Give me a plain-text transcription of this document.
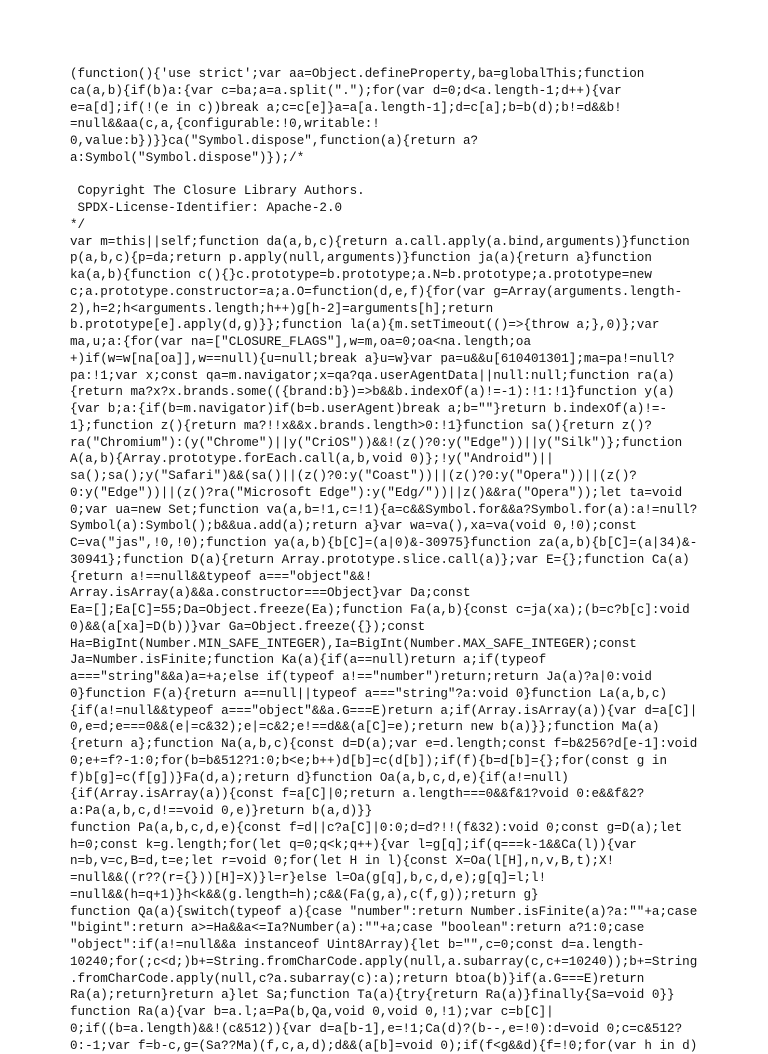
(function(){'use strict';var aa=Object.defineProperty,ba=globalThis;function
ca(a,b){if(b)a:{var c=ba;a=a.split(".");for(var d=0;d<a.length-1;d++){var
e=a[d];if(!(e in c))break a;c=c[e]}a=a[a.length-1];d=c[a];b=b(d);b!=d&&b!
=null&&aa(c,a,{configurable:!0,writable:!
0,value:b})}}ca("Symbol.dispose",function(a){return a?
a:Symbol("Symbol.dispose")});/*

Copyright The Closure Library Authors.
SPDX-License-Identifier: Apache-2.0
*/
var m=this||self;function da(a,b,c){return a.call.apply(a.bind,arguments)}function
p(a,b,c){p=da;return p.apply(null,arguments)}function ja(a){return a}function
ka(a,b){function c(){}c.prototype=b.prototype;a.N=b.prototype;a.prototype=new
c;a.prototype.constructor=a;a.O=function(d,e,f){for(var g=Array(arguments.length-
2),h=2;h<arguments.length;h++)g[h-2]=arguments[h];return
b.prototype[e].apply(d,g)}};function la(a){m.setTimeout(()=>{throw a;},0)};var
ma,u;a:{for(var na=["CLOSURE_FLAGS"],w=m,oa=0;oa<na.length;oa
+)if(w=w[na[oa]],w==null){u=null;break a}u=w}var pa=u&&u[610401301];ma=pa!=null?
pa:!1;var x;const qa=m.navigator;x=qa?qa.userAgentData||null:null;function ra(a)
{return ma?x?x.brands.some(({brand:b})=>b&&b.indexOf(a)!=-1):!1:!1}function y(a)
{var b;a:{if(b=m.navigator)if(b=b.userAgent)break a;b=""}return b.indexOf(a)!=-
1};function z(){return ma?!!x&&x.brands.length>0:!1}function sa(){return z()?
ra("Chromium"):(y("Chrome")||y("CriOS"))&&!(z()?0:y("Edge"))||y("Silk")};function
A(a,b){Array.prototype.forEach.call(a,b,void 0)};!y("Android")||
sa();sa();y("Safari")&&(sa()||(z()?0:y("Coast"))||(z()?0:y("Opera"))||(z()?
0:y("Edge"))||(z()?ra("Microsoft Edge"):y("Edg/"))||z()&&ra("Opera"));let ta=void
0;var ua=new Set;function va(a,b=!1,c=!1){a=c&&Symbol.for&&a?Symbol.for(a):a!=null?
Symbol(a):Symbol();b&&ua.add(a);return a}var wa=va(),xa=va(void 0,!0);const
C=va("jas",!0,!0);function ya(a,b){b[C]=(a|0)&-30975}function za(a,b){b[C]=(a|34)&-
30941};function D(a){return Array.prototype.slice.call(a)};var E={};function Ca(a)
{return a!==null&&typeof a==="object"&&!
Array.isArray(a)&&a.constructor===Object}var Da;const
Ea=[];Ea[C]=55;Da=Object.freeze(Ea);function Fa(a,b){const c=ja(xa);(b=c?b[c]:void
0)&&(a[xa]=D(b))}var Ga=Object.freeze({});const
Ha=BigInt(Number.MIN_SAFE_INTEGER),Ia=BigInt(Number.MAX_SAFE_INTEGER);const
Ja=Number.isFinite;function Ka(a){if(a==null)return a;if(typeof
a==="string"&&a)a=+a;else if(typeof a!=="number")return;return Ja(a)?a|0:void
0}function F(a){return a==null||typeof a==="string"?a:void 0}function La(a,b,c)
{if(a!=null&&typeof a==="object"&&a.G===E)return a;if(Array.isArray(a)){var d=a[C]|
0,e=d;e===0&&(e|=c&32);e|=c&2;e!==d&&(a[C]=e);return new b(a)}};function Ma(a)
{return a};function Na(a,b,c){const d=D(a);var e=d.length;const f=b&256?d[e-1]:void
0;e+=f?-1:0;for(b=b&512?1:0;b<e;b++)d[b]=c(d[b]);if(f){b=d[b]={};for(const g in
f)b[g]=c(f[g])}Fa(d,a);return d}function Oa(a,b,c,d,e){if(a!=null)
{if(Array.isArray(a)){const f=a[C]|0;return a.length===0&&f&1?void 0:e&&f&2?
a:Pa(a,b,c,d!==void 0,e)}return b(a,d)}}
function Pa(a,b,c,d,e){const f=d||c?a[C]|0:0;d=d?!!(f&32):void 0;const g=D(a);let
h=0;const k=g.length;for(let q=0;q<k;q++){var l=g[q];if(q===k-1&&Ca(l)){var
n=b,v=c,B=d,t=e;let r=void 0;for(let H in l){const X=Oa(l[H],n,v,B,t);X!
=null&&((r??(r={}))[H]=X)}l=r}else l=Oa(g[q],b,c,d,e);g[q]=l;l!
=null&&(h=q+1)}h<k&&(g.length=h);c&&(Fa(g,a),c(f,g));return g}
function Qa(a){switch(typeof a){case "number":return Number.isFinite(a)?a:""+a;case
"bigint":return a>=Ha&&a<=Ia?Number(a):""+a;case "boolean":return a?1:0;case
"object":if(a!=null&&a instanceof Uint8Array){let b="",c=0;const d=a.length-
10240;for(;c<d;)b+=String.fromCharCode.apply(null,a.subarray(c,c+=10240));b+=String
.fromCharCode.apply(null,c?a.subarray(c):a);return btoa(b)}if(a.G===E)return
Ra(a);return}return a}let Sa;function Ta(a){try{return Ra(a)}finally{Sa=void 0}}
function Ra(a){var b=a.l;a=Pa(b,Qa,void 0,void 0,!1);var c=b[C]|
0;if((b=a.length)&&!(c&512)){var d=a[b-1],e=!1;Ca(d)?(b--,e=!0):d=void 0;c=c&512?
0:-1;var f=b-c,g=(Sa??Ma)(f,c,a,d);d&&(a[b]=void 0);if(f<g&&d){f=!0;for(var h in d)
